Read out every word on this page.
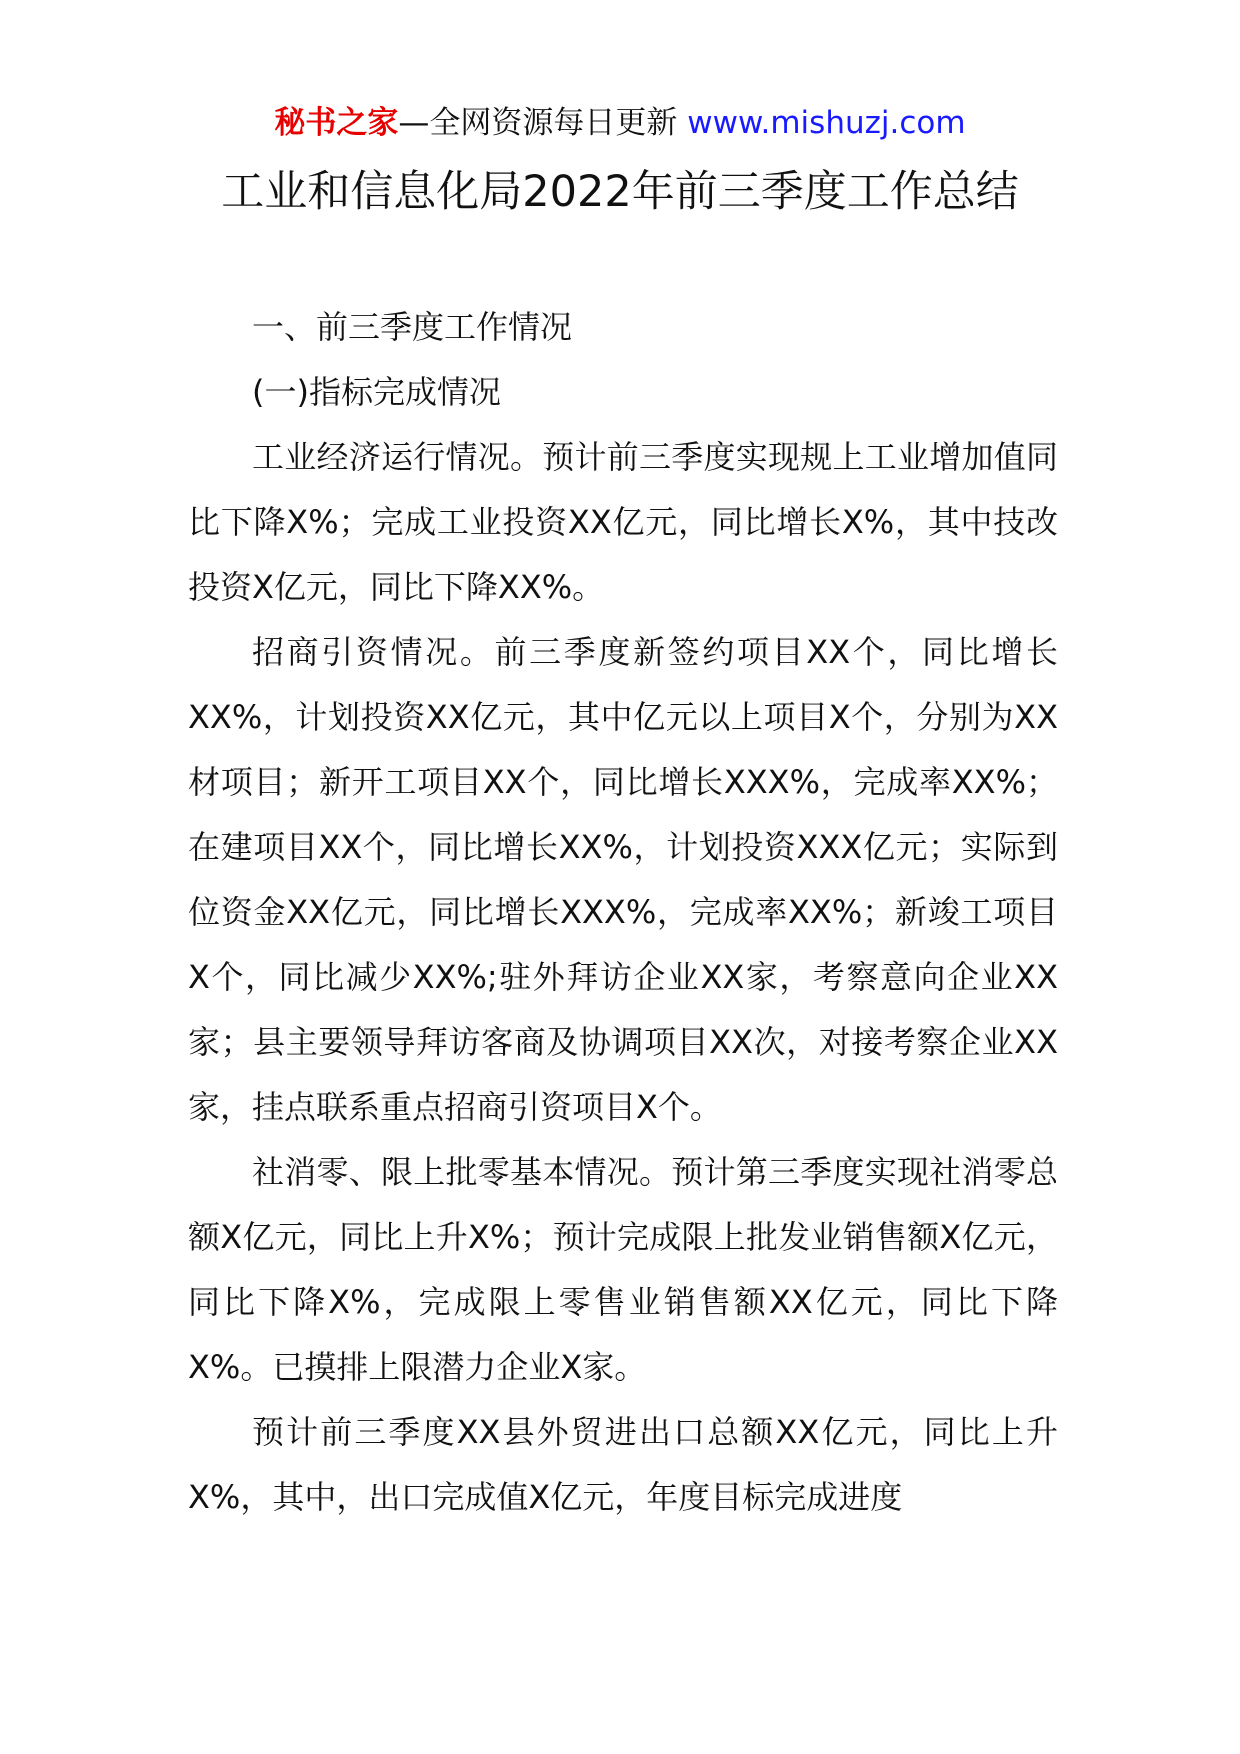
秘书之家—全网资源每日更新 www.mishuzj.com
工业和信息化局2022年前三季度工作总结

一、前三季度工作情况

(一)指标完成情况

工业经济运行情况。预计前三季度实现规上工业增加值同比下降X%；完成工业投资XX亿元，同比增长X%，其中技改投资X亿元，同比下降XX%。

招商引资情况。前三季度新签约项目XX个，同比增长XX%，计划投资XX亿元，其中亿元以上项目X个，分别为XX材项目；新开工项目XX个，同比增长XXX%，完成率XX%；在建项目XX个，同比增长XX%，计划投资XXX亿元；实际到位资金XX亿元，同比增长XXX%，完成率XX%；新竣工项目X个，同比减少XX%;驻外拜访企业XX家，考察意向企业XX家；县主要领导拜访客商及协调项目XX次，对接考察企业XX家，挂点联系重点招商引资项目X个。

社消零、限上批零基本情况。预计第三季度实现社消零总额X亿元，同比上升X%；预计完成限上批发业销售额X亿元，同比下降X%，完成限上零售业销售额XX亿元，同比下降X%。已摸排上限潜力企业X家。

预计前三季度XX县外贸进出口总额XX亿元，同比上升X%，其中，出口完成值X亿元，年度目标完成进度
